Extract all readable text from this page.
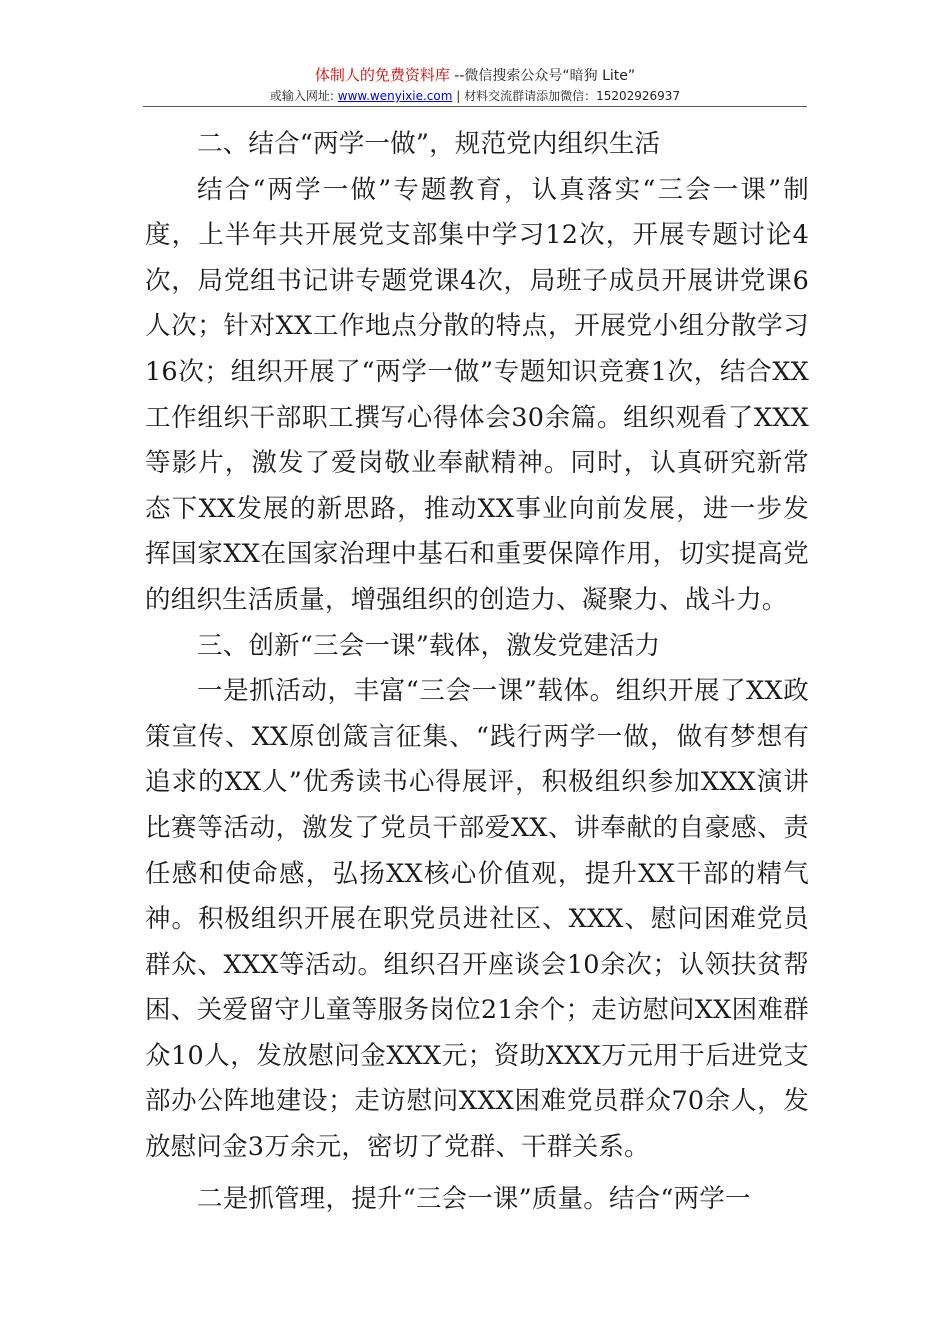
体制人的免费资料库 --微信搜索公众号“暗狗 Lite”
或输入网址: www.wenyixie.com | 材料交流群请添加微信：15202926937

二、结合“两学一做”，规范党内组织生活

结合“两学一做”专题教育，认真落实“三会一课”制度，上半年共开展党支部集中学习12次，开展专题讨论4次，局党组书记讲专题党课4次，局班子成员开展讲党课6人次；针对XX工作地点分散的特点，开展党小组分散学习16次；组织开展了“两学一做”专题知识竞赛1次，结合XX工作组织干部职工撰写心得体会30余篇。组织观看了XXX等影片，激发了爱岗敬业奉献精神。同时，认真研究新常态下XX发展的新思路，推动XX事业向前发展，进一步发挥国家XX在国家治理中基石和重要保障作用，切实提高党的组织生活质量，增强组织的创造力、凝聚力、战斗力。

三、创新“三会一课”载体，激发党建活力

一是抓活动，丰富“三会一课”载体。组织开展了XX政策宣传、XX原创箴言征集、“践行两学一做，做有梦想有追求的XX人”优秀读书心得展评，积极组织参加XXX演讲比赛等活动，激发了党员干部爱XX、讲奉献的自豪感、责任感和使命感，弘扬XX核心价值观，提升XX干部的精气神。积极组织开展在职党员进社区、XXX、慰问困难党员群众、XXX等活动。组织召开座谈会10余次；认领扶贫帮困、关爱留守儿童等服务岗位21余个；走访慰问XX困难群众10人，发放慰问金XXX元；资助XXX万元用于后进党支部办公阵地建设；走访慰问XXX困难党员群众70余人，发放慰问金3万余元，密切了党群、干群关系。

二是抓管理，提升“三会一课”质量。结合“两学一
